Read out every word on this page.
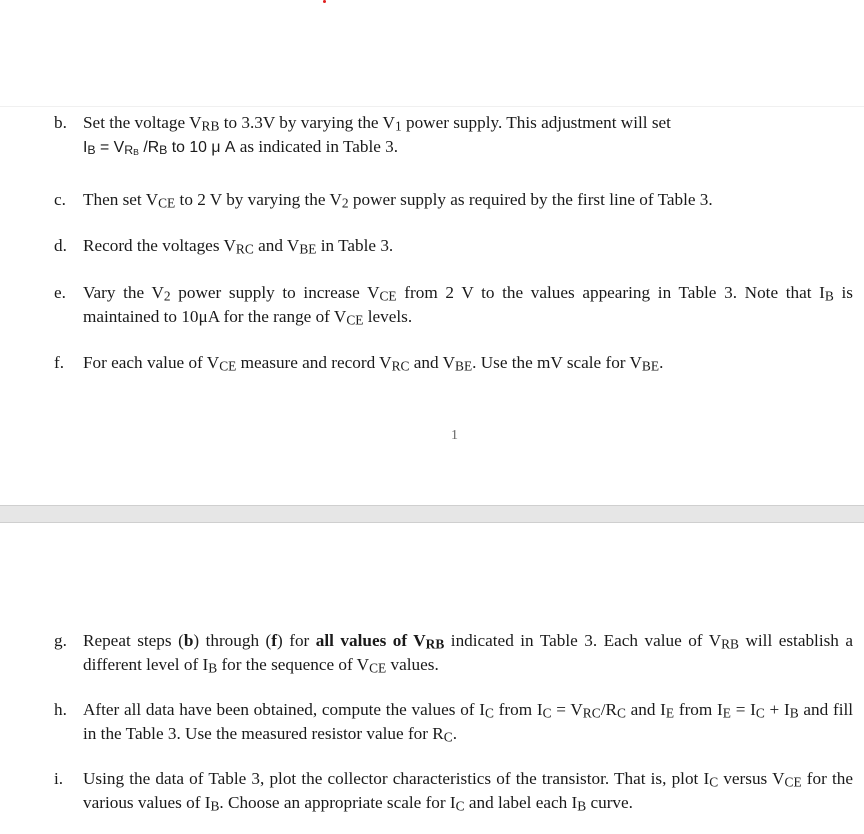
b. Set the voltage VRB to 3.3V by varying the V1 power supply. This adjustment will set
IB = VRB /RB to 10 μ A as indicated in Table 3.
c. Then set VCE to 2 V by varying the V2 power supply as required by the first line of Table 3.
d. Record the voltages VRC and VBE in Table 3.
e. Vary the V2 power supply to increase VCE from 2 V to the values appearing in Table 3. Note that IB is maintained to 10μA for the range of VCE levels.
f.	For each value of VCE measure and record VRC and VBE. Use the mV scale for VBE.
1
g. Repeat steps (b) through (f) for all values of VRB indicated in Table 3. Each value of VRB will establish a different level of IB for the sequence of VCE values.
h. After all data have been obtained, compute the values of IC from IC = VRC/RC and IE from IE = IC + IB and fill in the Table 3. Use the measured resistor value for RC.
i.	Using the data of Table 3, plot the collector characteristics of the transistor. That is, plot IC versus VCE for the various values of IB. Choose an appropriate scale for IC and label each IB curve.
